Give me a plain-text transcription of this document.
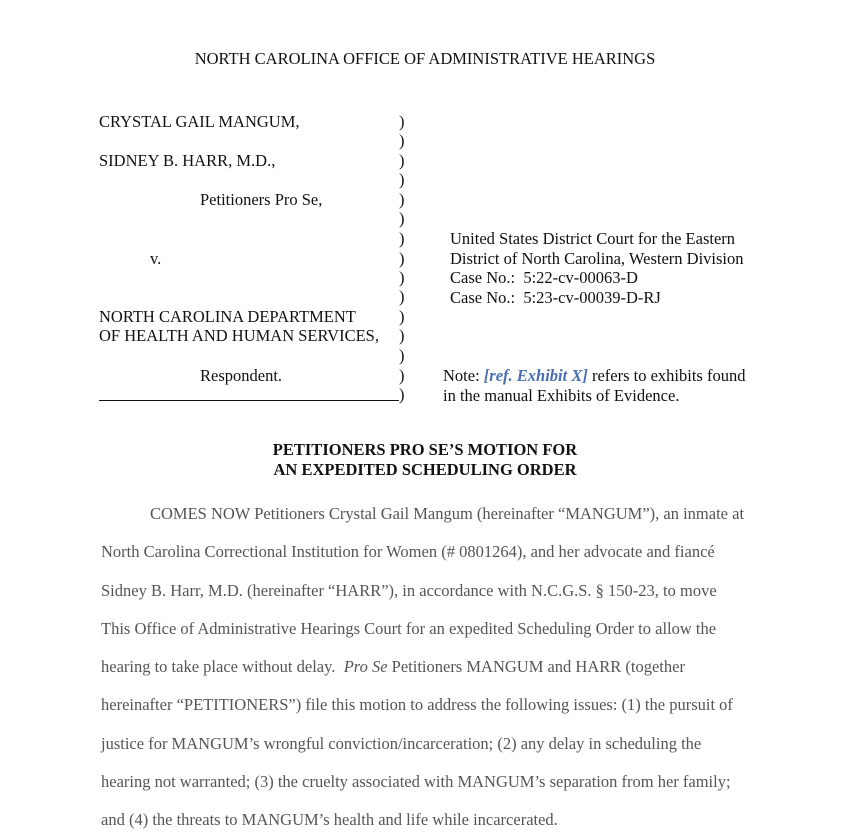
NORTH CAROLINA OFFICE OF ADMINISTRATIVE HEARINGS
CRYSTAL GAIL MANGUM,
SIDNEY B. HARR, M.D.,
Petitioners Pro Se,
v.
NORTH CAROLINA DEPARTMENT
OF HEALTH AND HUMAN SERVICES,
Respondent.
)
)
)
)
)
)
)
)
)
)
)
)
)
)
)
United States District Court for the Eastern
District of North Carolina, Western Division
Case No.:  5:22-cv-00063-D
Case No.:  5:23-cv-00039-D-RJ
Note: [ref. Exhibit X] refers to exhibits found
in the manual Exhibits of Evidence.
PETITIONERS PRO SE’S MOTION FOR
AN EXPEDITED SCHEDULING ORDER
COMES NOW Petitioners Crystal Gail Mangum (hereinafter “MANGUM”), an inmate at
North Carolina Correctional Institution for Women (# 0801264), and her advocate and fiancé
Sidney B. Harr, M.D. (hereinafter “HARR”), in accordance with N.C.G.S. § 150-23, to move
This Office of Administrative Hearings Court for an expedited Scheduling Order to allow the
hearing to take place without delay.  Pro Se Petitioners MANGUM and HARR (together
hereinafter “PETITIONERS”) file this motion to address the following issues: (1) the pursuit of
justice for MANGUM’s wrongful conviction/incarceration; (2) any delay in scheduling the
hearing not warranted; (3) the cruelty associated with MANGUM’s separation from her family;
and (4) the threats to MANGUM’s health and life while incarcerated.
